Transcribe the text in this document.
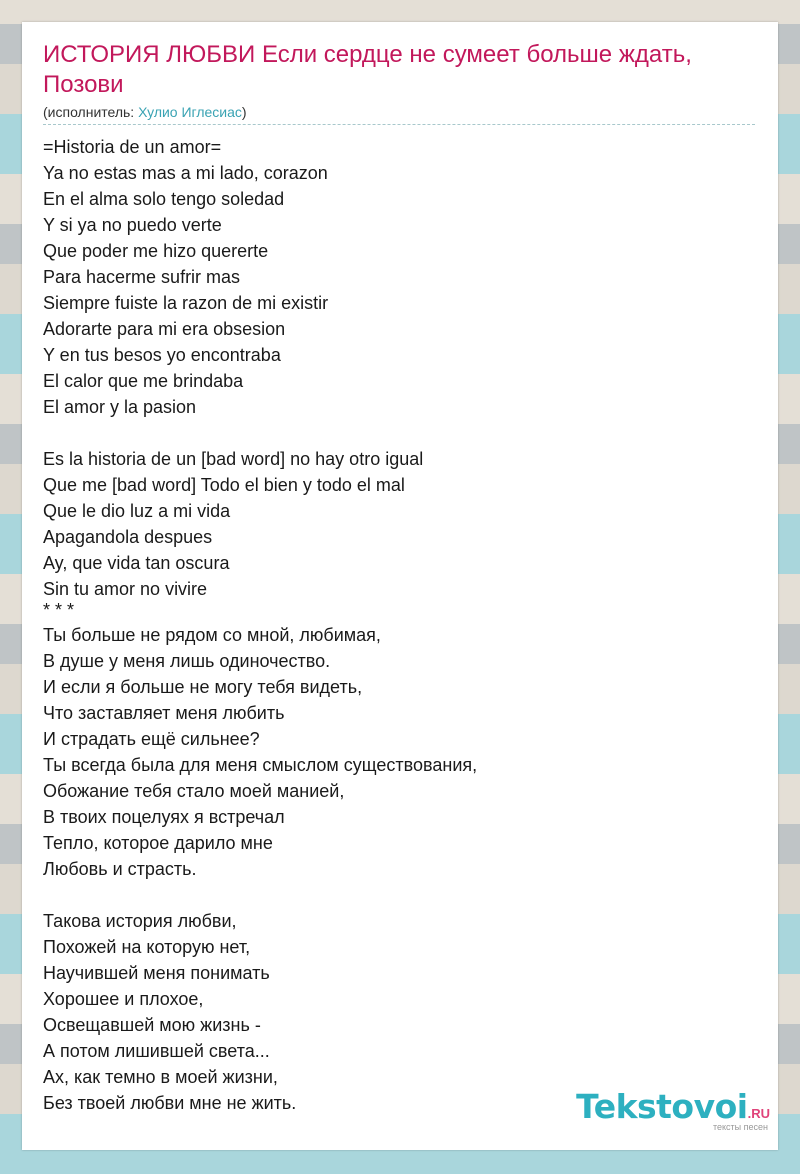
ИСТОРИЯ ЛЮБВИ Если сердце не сумеет больше ждать, Позови
(исполнитель: Хулио Иглесиас)
=Historia de un amor=
Ya no estas mas a mi lado, corazon
En el alma solo tengo soledad
Y si ya no puedo verte
Que poder me hizo quererte
Para hacerme sufrir mas
Siempre fuiste la razon de mi existir
Adorarte para mi era obsesion
Y en tus besos yo encontraba
El calor que me brindaba
El amor y la pasion
Es la historia de un [bad word] no hay otro igual
Que me [bad word] Todo el bien y todo el mal
Que le dio luz a mi vida
Apagandola despues
Ay, que vida tan oscura
Sin tu amor no vivire
* * *
Ты больше не рядом со мной, любимая,
В душе у меня лишь одиночество.
И если я больше не могу тебя видеть,
Что заставляет меня любить
И страдать ещё сильнее?
Ты всегда была для меня смыслом существования,
Обожание тебя стало моей манией,
В твоих поцелуях я встречал
Тепло, которое дарило мне
Любовь и страсть.
Такова история любви,
Похожей на которую нет,
Научившей меня понимать
Хорошее и плохое,
Освещавшей мою жизнь -
А потом лишившей света...
Ах, как темно в моей жизни,
Без твоей любви мне не жить.	Tekstovoi.RU
тексты песен
